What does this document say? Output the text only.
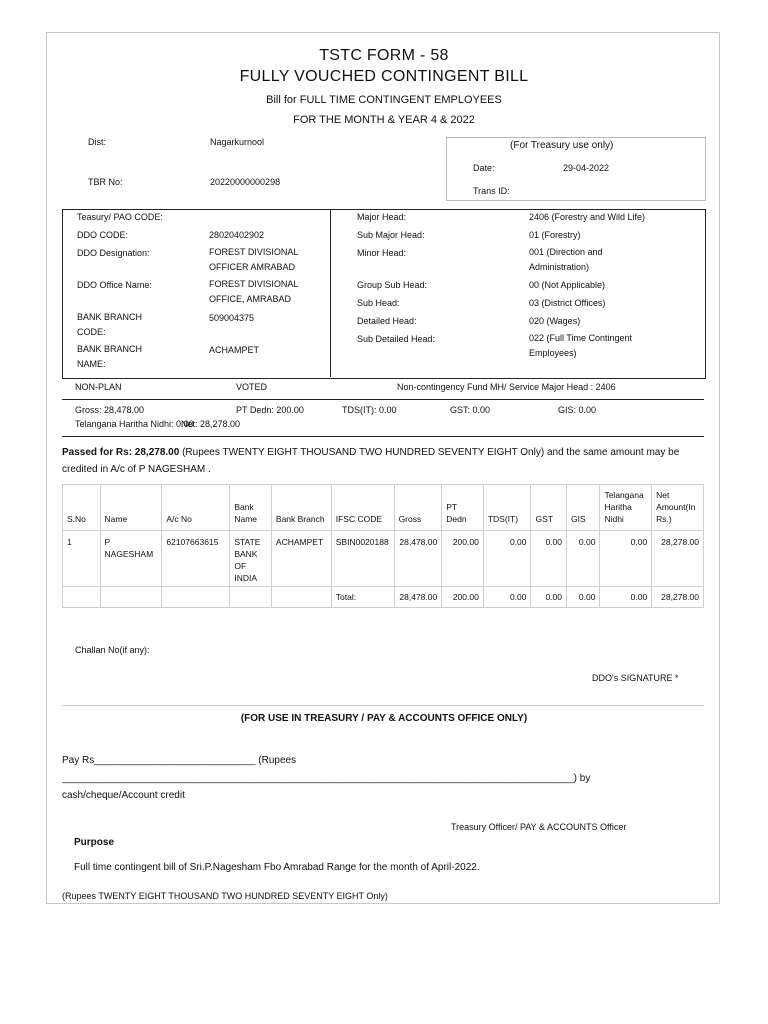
TSTC FORM - 58
FULLY VOUCHED CONTINGENT BILL
Bill for FULL TIME CONTINGENT EMPLOYEES
FOR THE MONTH & YEAR 4 & 2022
Dist:	Nagarkurnool
TBR No:	20220000000298
(For Treasury use only)
Date:	29-04-2022
Trans ID:
Teasury/ PAO CODE:
DDO CODE:	28020402902
DDO Designation:	FOREST DIVISIONAL OFFICER AMRABAD
DDO Office Name:	FOREST DIVISIONAL OFFICE, AMRABAD
BANK BRANCH CODE:
509004375
BANK BRANCH NAME:
ACHAMPET
Major Head:	2406 (Forestry and Wild Life)
Sub Major Head:	01 (Forestry)
Minor Head:	001 (Direction and Administration)
Group Sub Head:	00 (Not Applicable)
Sub Head:	03 (District Offices)
Detailed Head:	020 (Wages)
Sub Detailed Head:	022 (Full Time Contingent Employees)
NON-PLAN	VOTED	Non-contingency Fund MH/ Service Major Head : 2406
Gross: 28,478.00	PT Dedn: 200.00	TDS(IT): 0.00	GST: 0.00	GIS: 0.00
Telangana Haritha Nidhi: 0.00
Net: 28,278.00
Passed for Rs: 28,278.00 (Rupees TWENTY EIGHT THOUSAND TWO HUNDRED SEVENTY EIGHT Only) and the same amount may be credited in A/c of P NAGESHAM .
S.No	Name	A/c No	Bank Name	Bank Branch	IFSC CODE	Gross	PT Dedn	TDS(IT)	GST	GIS	Telangana Haritha Nidhi	Net Amount(In Rs.)
1	P NAGESHAM	62107663615	STATE BANK OF INDIA	ACHAMPET	SBIN0020188	28,478.00	200.00	0.00	0.00	0.00	0.00	28,278.00
					Total:	28,478.00	200.00	0.00	0.00	0.00	0.00	28,278.00
Challan No(if any):
DDO's SIGNATURE *
(FOR USE IN TREASURY / PAY & ACCOUNTS OFFICE ONLY)
Pay Rs_____________________________ (Rupees
____________________________________________________________________________________________) by
cash/cheque/Account credit
Treasury Officer/ PAY & ACCOUNTS Officer
Purpose
Full time contingent bill of Sri.P.Nagesham Fbo Amrabad Range for the month of April-2022.
(Rupees TWENTY EIGHT THOUSAND TWO HUNDRED SEVENTY EIGHT Only)
